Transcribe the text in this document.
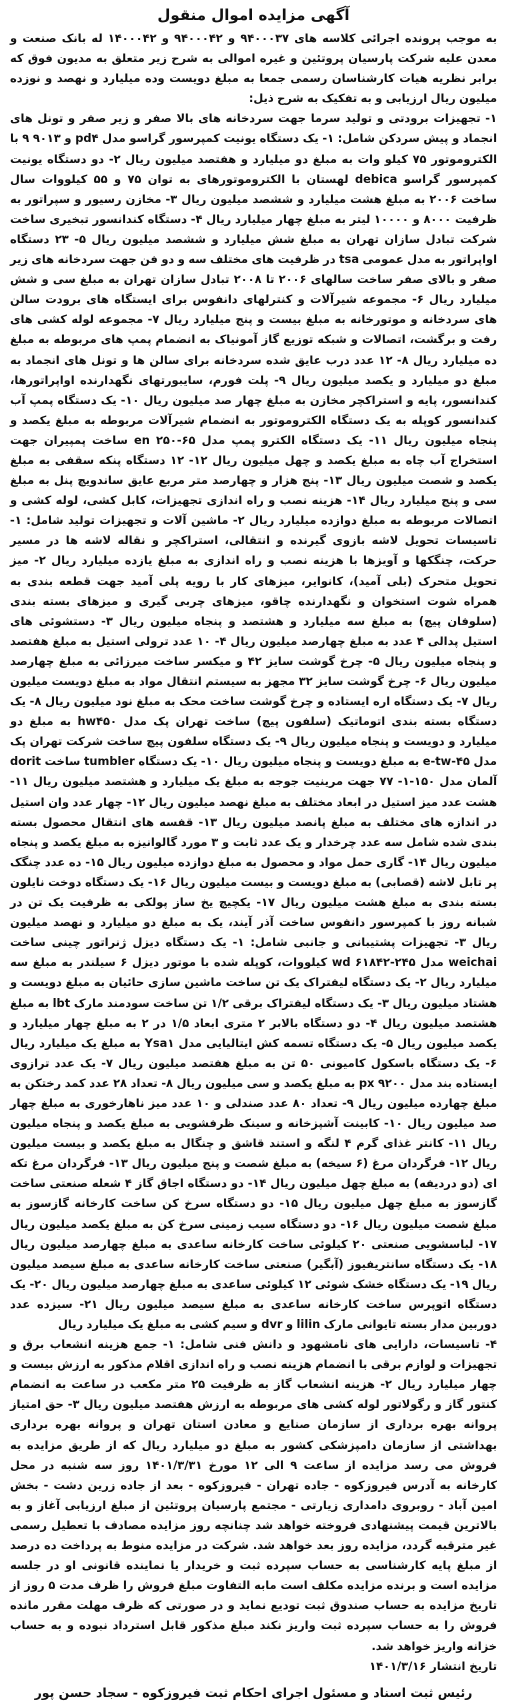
آگهی مزایده اموال منقول

به موجب پرونده اجرائی کلاسه های ۹۴۰۰۰۳۷ و ۹۴۰۰۰۴۲ و ۱۴۰۰۰۴۲ له بانک صنعت و معدن علیه شرکت پارسیان پروتئین و غیره اموالی به شرح زیر متعلق به مدیون فوق که برابر نظریه هیات کارشناسان رسمی جمعا به مبلغ دویست وده میلیارد و نهصد و نوزده میلیون ریال ارزیابی و به تفکیک به شرح ذیل:

۱- تجهیزات برودتی و تولید سرما جهت سردخانه های بالا صفر و زیر صفر و تونل های انجماد و پیش سردکن شامل: ۱- یک دستگاه یونیت کمپرسور گراسو مدل pd۴ و ۹۰۱۳ ۹ با الکتروموتور ۷۵ کیلو وات به مبلغ دو میلیارد و هفتصد میلیون ریال ۲- دو دستگاه یونیت کمپرسور گراسو debica لهستان با الکتروموتورهای به توان ۷۵ و ۵۵ کیلووات سال ساخت ۲۰۰۶ به مبلغ هشت میلیارد و ششصد میلیون ریال ۳- مخازن رسیور و سپراتور به ظرفیت ۸۰۰۰ و ۱۰۰۰۰ لیتر به مبلغ چهار میلیارد ریال ۴- دستگاه کندانسور تبخیری ساخت شرکت تبادل سازان تهران به مبلغ شش میلیارد و ششصد میلیون ریال ۵- ۲۳ دستگاه اواپراتور به مدل عمومی tsa در ظرفیت های مختلف سه و دو فن جهت سردخانه های زیر صفر و بالای صفر ساخت سالهای ۲۰۰۶ تا ۲۰۰۸ تبادل سازان تهران به مبلغ سی و شش میلیارد ریال ۶- مجموعه شیرآلات و کنترلهای دانفوس برای ایستگاه های برودت سالن های سردخانه و موتورخانه به مبلغ بیست و پنج میلیارد ریال ۷- مجموعه لوله کشی های رفت و برگشت، اتصالات و شبکه توزیع گاز آمونیاک به انضمام پمپ های مربوطه به مبلغ ده میلیارد ریال ۸- ۱۲ عدد درب عایق شده سردخانه برای سالن ها و تونل های انجماد به مبلغ دو میلیارد و یکصد میلیون ریال ۹- پلت فورم، سایبورتهای نگهدارنده اواپراتورها، کندانسور، پایه و استراکچر مخازن به مبلغ چهار صد میلیون ریال ۱۰- یک دستگاه پمپ آب کندانسور کوپله به یک دستگاه الکتروموتور به انضمام شیرآلات مربوطه به مبلغ یکصد و پنجاه میلیون ریال ۱۱- یک دستگاه الکترو پمپ مدل ۶۵-۲۵۰ en ساخت پمپیران جهت استخراج آب چاه به مبلغ یکصد و چهل میلیون ریال ۱۲- ۱۲ دستگاه پنکه سقفی به مبلغ یکصد و شصت میلیون ریال ۱۳- پنج هزار و چهارصد متر مربع عایق ساندویچ پنل به مبلغ سی و پنج میلیارد ریال ۱۴- هزینه نصب و راه اندازی تجهیزات، کابل کشی، لوله کشی و اتصالات مربوطه به مبلغ دوازده میلیارد ریال ۲- ماشین آلات و تجهیزات تولید شامل: ۱- تاسیسات تحویل لاشه بازوی گیرنده و انتقالی، استراکچر و نقاله لاشه ها در مسیر حرکت، چنگکها و آویزها با هزینه نصب و راه اندازی به مبلغ یازده میلیارد ریال ۲- میز تحویل متحرک (بلی آمید)، کانوایر، میزهای کار با رویه پلی آمید جهت قطعه بندی به همراه شوت استخوان و نگهدارنده چاقو، میزهای چربی گیری و میزهای بسته بندی (سلوفان پیچ) به مبلغ سه میلیارد و هشتصد و پنجاه میلیون ریال ۳- دستشوئی های استیل پدالی ۴ عدد به مبلغ چهارصد میلیون ریال ۴- ۱۰ عدد ترولی استیل به مبلغ هفتصد و پنجاه میلیون ریال ۵- چرخ گوشت سایز ۴۲ و میکسر ساخت میرزائی به مبلغ چهارصد میلیون ریال ۶- چرخ گوشت سایز ۳۲ مجهز به سیستم انتقال مواد به مبلغ دویست میلیون ریال ۷- یک دستگاه اره ایستاده و چرخ گوشت ساخت محک به مبلغ نود میلیون ریال ۸- یک دستگاه بسته بندی اتوماتیک (سلفون پیچ) ساخت تهران پک مدل hw۴۵۰ به مبلغ دو میلیارد و دویست و پنجاه میلیون ریال ۹- یک دستگاه سلفون پیچ ساخت شرکت تهران پک مدل ۴۵-e-tw به مبلغ دویست و پنجاه میلیون ریال ۱۰- یک دستگاه tumbler ساخت dorit آلمان مدل ۱۵۰-۱- ۷۷ جهت مرینیت جوجه به مبلغ یک میلیارد و هشتصد میلیون ریال ۱۱- هشت عدد میز استیل در ابعاد مختلف به مبلغ نهصد میلیون ریال ۱۲- چهار عدد وان استیل در اندازه های مختلف به مبلغ پانصد میلیون ریال ۱۳- قفسه های انتقال محصول بسته بندی شده شامل سه عدد چرخدار و یک عدد ثابت و ۳ مورد گالوانیزه به مبلغ یکصد و پنجاه میلیون ریال ۱۴- گاری حمل مواد و محصول به مبلغ دوازده میلیون ریال ۱۵- ده عدد چنگک پر تابل لاشه (قصابی) به مبلغ دویست و بیست میلیون ریال ۱۶- یک دستگاه دوخت نایلون بسته بندی به مبلغ هشت میلیون ریال ۱۷- یکچیچ یخ ساز پولکی به ظرفیت یک تن در شبانه روز با کمپرسور دانفوس ساخت آذر آیند، یک به مبلغ دو میلیارد و نهصد میلیون ریال ۳- تجهیزات پشتیبانی و جانبی شامل: ۱- یک دستگاه دیزل ژنراتور چینی ساخت weichai مدل ۲۴۵-۶۱۸۴۲ wd کیلووات، کوپله شده با موتور دیزل ۶ سیلندر به مبلغ سه میلیارد ریال ۲- یک دستگاه لیفتراک یک تن ساخت ماشین سازی حائیان به مبلغ دویست و هشتاد میلیون ریال ۳- یک دستگاه لیفتراک برقی ۱/۲ تن ساخت سودمند مارک lbt به مبلغ هشتصد میلیون ریال ۴- دو دستگاه بالابر ۲ متری ابعاد ۱/۵ در ۲ به مبلغ چهار میلیارد و یکصد میلیون ریال ۵- یک دستگاه تسمه کش ایتالیایی مدل Ysa۱ به مبلغ یک میلیارد ریال ۶- یک دستگاه باسکول کامیونی ۵۰ تن به مبلغ هفتصد میلیون ریال ۷- یک عدد ترازوی ایستاده بند مدل px ۹۲۰۰ به مبلغ یکصد و سی میلیون ریال ۸- تعداد ۲۸ عدد کمد رختکن به مبلغ چهارده میلیون ریال ۹- تعداد ۸۰ عدد صندلی و ۱۰ عدد میز ناهارخوری به مبلغ چهار صد میلیون ریال ۱۰- کابینت آشپزخانه و سینک ظرفشویی به مبلغ یکصد و پنجاه میلیون ریال ۱۱- کانتر غذای گرم ۴ لنگه و استند قاشق و چنگال به مبلغ یکصد و بیست میلیون ریال ۱۲- فرگردان مرغ (۶ سیخه) به مبلغ شصت و پنج میلیون ریال ۱۳- فرگردان مرغ تکه ای (دو دردیفه) به مبلغ چهل میلیون ریال ۱۴- دو دستگاه اجاق گاز ۴ شعله صنعتی ساخت گازسوز به مبلغ چهل میلیون ریال ۱۵- دو دستگاه سرخ کن ساخت کارخانه گازسوز به مبلغ شصت میلیون ریال ۱۶- دو دستگاه سیب زمینی سرخ کن به مبلغ یکصد میلیون ریال ۱۷- لباسشویی صنعتی ۲۰ کیلوئی ساخت کارخانه ساعدی به مبلغ چهارصد میلیون ریال ۱۸- یک دستگاه سانتریفیوز (آبگیر) صنعتی ساخت کارخانه ساعدی به مبلغ سیصد میلیون ریال ۱۹- یک دستگاه خشک شوئی ۱۲ کیلوئی ساعدی به مبلغ چهارصد میلیون ریال ۲۰- یک دستگاه اتوپرس ساخت کارخانه ساعدی به مبلغ سیصد میلیون ریال ۲۱- سیزده عدد دوربین مدار بسته تایوانی مارک lilin و dvr و سیم کشی به مبلغ یک میلیارد ریال

۴- تاسیسات، دارایی های نامشهود و دانش فنی شامل: ۱- جمع هزینه انشعاب برق و تجهیزات و لوازم برقی با انضمام هزینه نصب و راه اندازی اقلام مذکور به ارزش بیست و چهار میلیارد ریال ۲- هزینه انشعاب گاز به ظرفیت ۲۵ متر مکعب در ساعت به انضمام کنتور گاز و رگولاتور لوله کشی های مربوطه به ارزش هفتصد میلیون ریال ۳- حق امتیاز پروانه بهره برداری از سازمان صنایع و معادن استان تهران و پروانه بهره برداری بهداشتی از سازمان دامپزشکی کشور به مبلغ دو میلیارد ریال که از طریق مزایده به فروش می رسد مزایده از ساعت ۹ الی ۱۲ مورخ ۱۴۰۱/۳/۳۱ روز سه شنبه در محل کارخانه به آدرس فیروزکوه - جاده تهران - فیروزکوه - بعد از جاده زرین دشت - بخش امین آباد - روبروی دامداری زیارتی - مجتمع پارسیان پروتئین از مبلغ ارزیابی آغاز و به بالاترین قیمت پیشنهادی فروخته خواهد شد چنانچه روز مزایده مصادف با تعطیل رسمی غیر مترقبه گردد، مزایده روز بعد خواهد شد. شرکت در مزایده منوط به پرداخت ده درصد از مبلغ پایه کارشناسی به حساب سپرده ثبت و خریدار یا نماینده قانونی او در جلسه مزایده است و برنده مزایده مکلف است مابه التفاوت مبلغ فروش را ظرف مدت ۵ روز از تاریخ مزایده به حساب صندوق ثبت تودیع نماید و در صورتی که ظرف مهلت مقرر مانده فروش را به حساب سپرده ثبت واریز نکند مبلغ مذکور قابل استرداد نبوده و به حساب خزانه واریز خواهد شد.

تاریخ انتشار ۱۴۰۱/۳/۱۶
رئیس ثبت اسناد و مسئول اجرای احکام ثبت فیروزکوه - سجاد حسن پور
